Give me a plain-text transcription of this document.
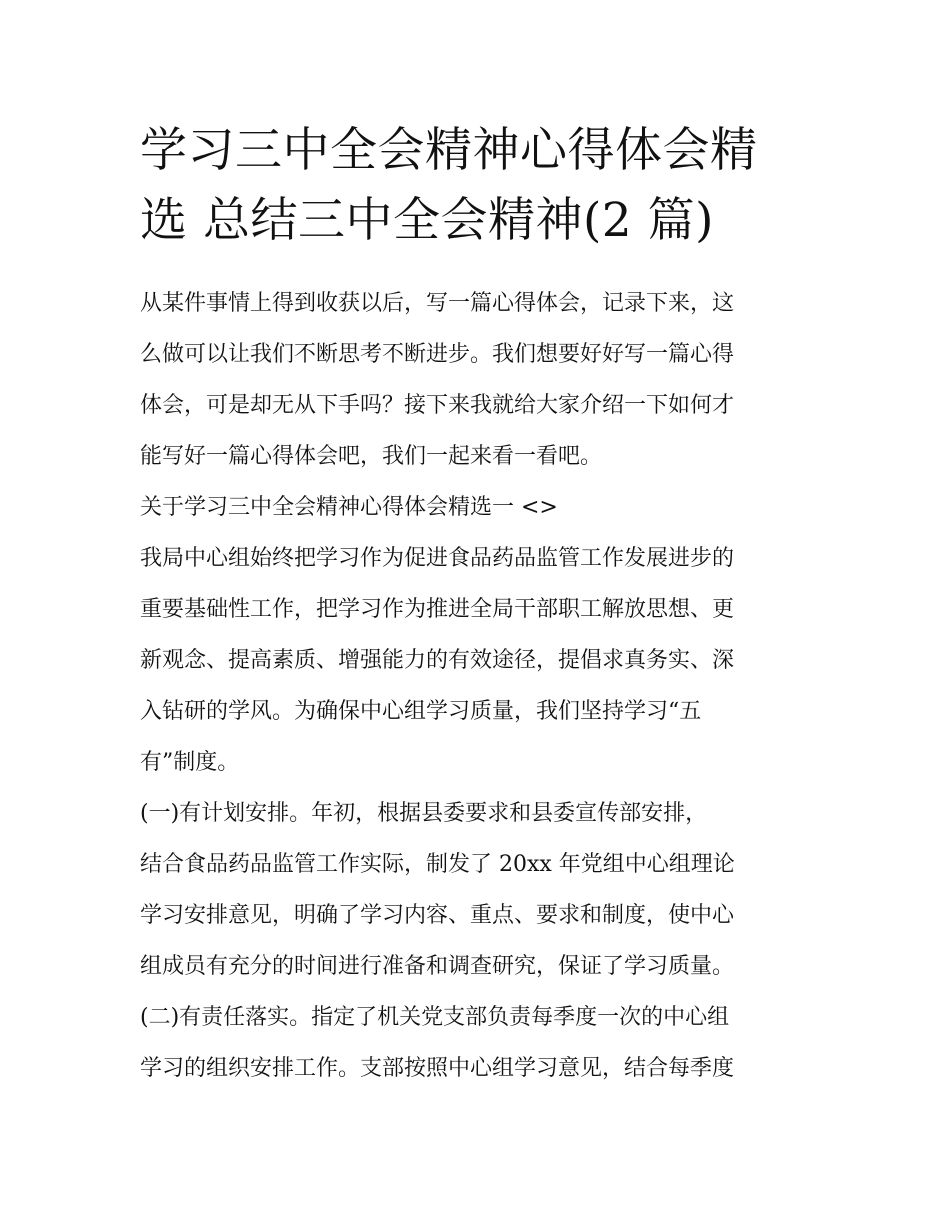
学习三中全会精神心得体会精
选 总结三中全会精神(2 篇)
从某件事情上得到收获以后，写一篇心得体会，记录下来，这
么做可以让我们不断思考不断进步。我们想要好好写一篇心得
体会，可是却无从下手吗？接下来我就给大家介绍一下如何才
能写好一篇心得体会吧，我们一起来看一看吧。
关于学习三中全会精神心得体会精选一 <>
我局中心组始终把学习作为促进食品药品监管工作发展进步的
重要基础性工作，把学习作为推进全局干部职工解放思想、更
新观念、提高素质、增强能力的有效途径，提倡求真务实、深
入钻研的学风。为确保中心组学习质量，我们坚持学习“五
有”制度。
(一)有计划安排。年初，根据县委要求和县委宣传部安排，
结合食品药品监管工作实际，制发了 20xx 年党组中心组理论
学习安排意见，明确了学习内容、重点、要求和制度，使中心
组成员有充分的时间进行准备和调查研究，保证了学习质量。
(二)有责任落实。指定了机关党支部负责每季度一次的中心组
学习的组织安排工作。支部按照中心组学习意见，结合每季度
